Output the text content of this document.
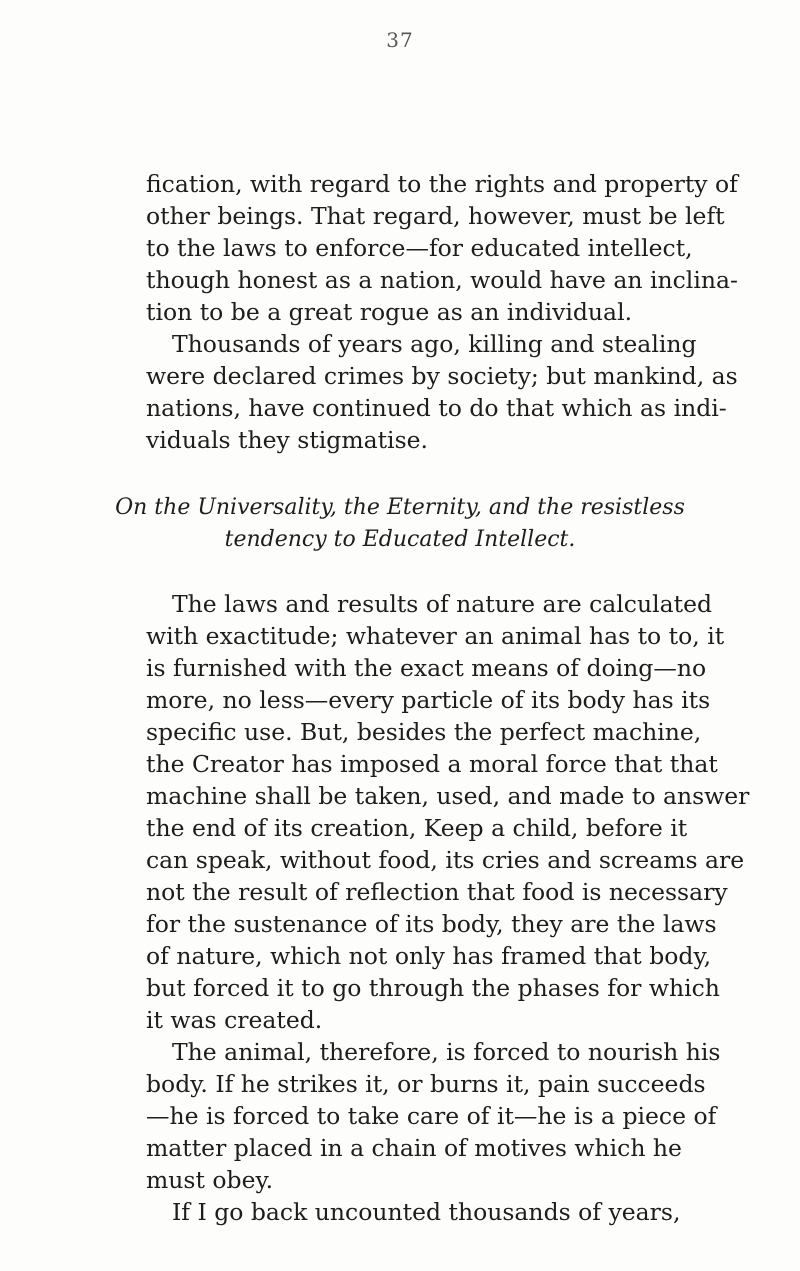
37
fication, with regard to the rights and property of
other beings. That regard, however, must be left
to the laws to enforce—for educated intellect,
though honest as a nation, would have an inclina-
tion to be a great rogue as an individual.
Thousands of years ago, killing and stealing
were declared crimes by society; but mankind, as
nations, have continued to do that which as indi-
viduals they stigmatise.
On the Universality, the Eternity, and the resistless
tendency to Educated Intellect.
The laws and results of nature are calculated
with exactitude; whatever an animal has to to, it
is furnished with the exact means of doing—no
more, no less—every particle of its body has its
specific use. But, besides the perfect machine,
the Creator has imposed a moral force that that
machine shall be taken, used, and made to answer
the end of its creation, Keep a child, before it
can speak, without food, its cries and screams are
not the result of reflection that food is necessary
for the sustenance of its body, they are the laws
of nature, which not only has framed that body,
but forced it to go through the phases for which
it was created.
The animal, therefore, is forced to nourish his
body. If he strikes it, or burns it, pain succeeds
—he is forced to take care of it—he is a piece of
matter placed in a chain of motives which he
must obey.
If I go back uncounted thousands of years,
